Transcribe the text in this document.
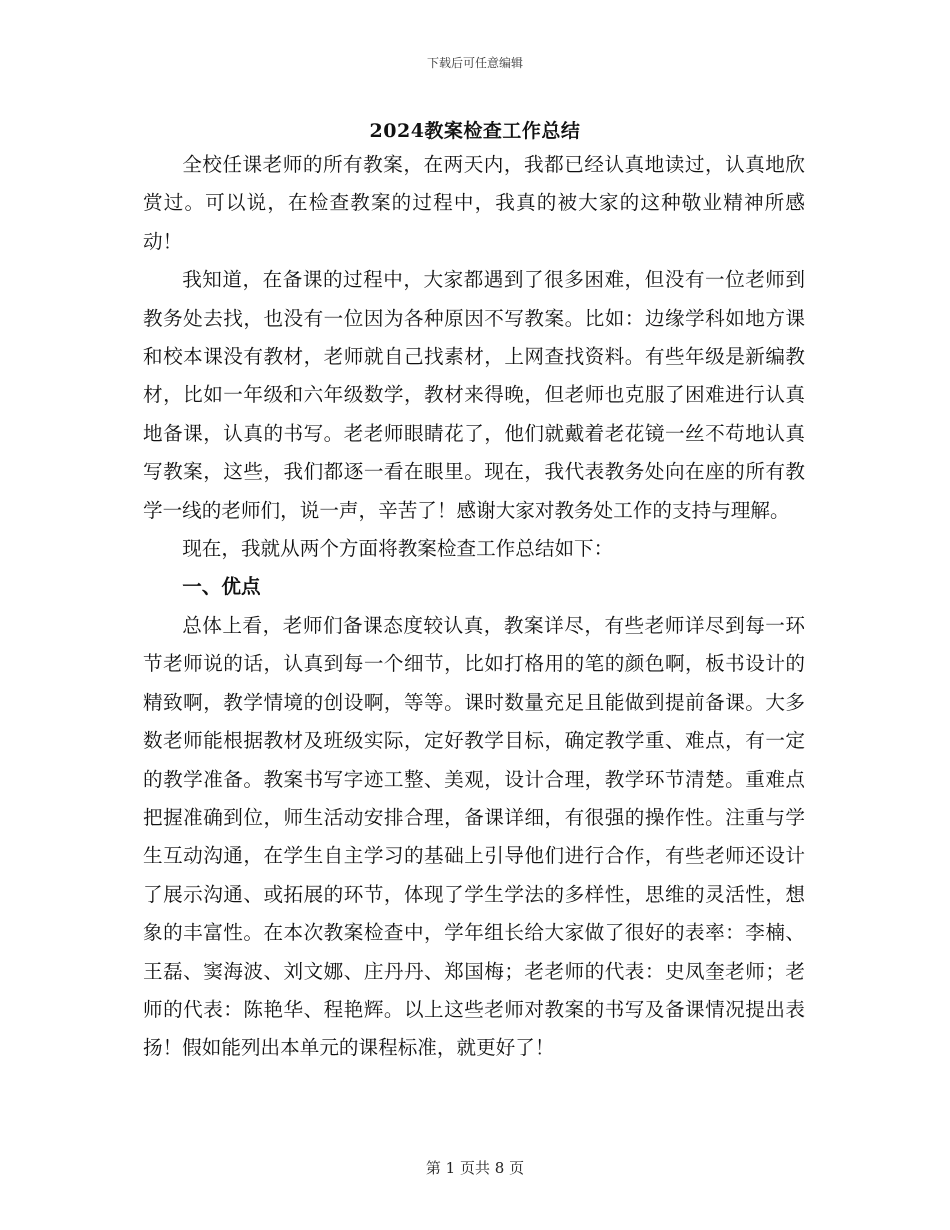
下载后可任意编辑
2024教案检查工作总结

全校任课老师的所有教案，在两天内，我都已经认真地读过，认真地欣赏过。可以说，在检查教案的过程中，我真的被大家的这种敬业精神所感动！

我知道，在备课的过程中，大家都遇到了很多困难，但没有一位老师到教务处去找，也没有一位因为各种原因不写教案。比如：边缘学科如地方课和校本课没有教材，老师就自己找素材，上网查找资料。有些年级是新编教材，比如一年级和六年级数学，教材来得晚，但老师也克服了困难进行认真地备课，认真的书写。老老师眼睛花了，他们就戴着老花镜一丝不苟地认真写教案，这些，我们都逐一看在眼里。现在，我代表教务处向在座的所有教学一线的老师们，说一声，辛苦了！感谢大家对教务处工作的支持与理解。

现在，我就从两个方面将教案检查工作总结如下：

一、优点

总体上看，老师们备课态度较认真，教案详尽，有些老师详尽到每一环节老师说的话，认真到每一个细节，比如打格用的笔的颜色啊，板书设计的精致啊，教学情境的创设啊，等等。课时数量充足且能做到提前备课。大多数老师能根据教材及班级实际，定好教学目标，确定教学重、难点，有一定的教学准备。教案书写字迹工整、美观，设计合理，教学环节清楚。重难点把握准确到位，师生活动安排合理，备课详细，有很强的操作性。注重与学生互动沟通，在学生自主学习的基础上引导他们进行合作，有些老师还设计了展示沟通、或拓展的环节，体现了学生学法的多样性，思维的灵活性，想象的丰富性。在本次教案检查中，学年组长给大家做了很好的表率：李楠、王磊、窦海波、刘文娜、庄丹丹、郑国梅；老老师的代表：史凤奎老师；老师的代表：陈艳华、程艳辉。以上这些老师对教案的书写及备课情况提出表扬！假如能列出本单元的课程标准，就更好了！

第 1 页共 8 页
